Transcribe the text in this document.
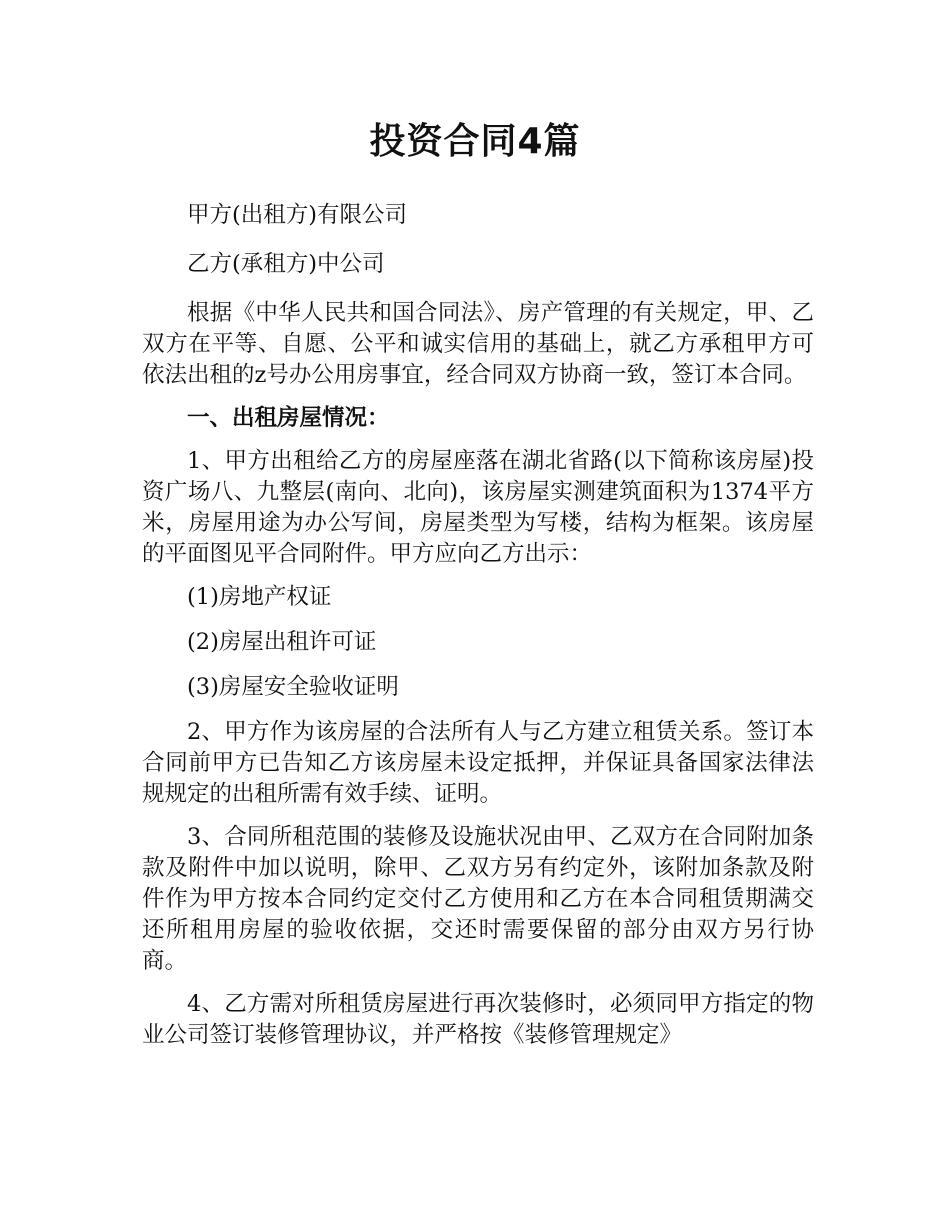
投资合同4篇

甲方(出租方)有限公司

乙方(承租方)中公司

根据《中华人民共和国合同法》、房产管理的有关规定，甲、乙双方在平等、自愿、公平和诚实信用的基础上，就乙方承租甲方可依法出租的z号办公用房事宜，经合同双方协商一致，签订本合同。

一、出租房屋情况：

1、甲方出租给乙方的房屋座落在湖北省路(以下简称该房屋)投资广场八、九整层(南向、北向)，该房屋实测建筑面积为1374平方米，房屋用途为办公写间，房屋类型为写楼，结构为框架。该房屋的平面图见平合同附件。甲方应向乙方出示：

(1)房地产权证

(2)房屋出租许可证

(3)房屋安全验收证明

2、甲方作为该房屋的合法所有人与乙方建立租赁关系。签订本合同前甲方已告知乙方该房屋未设定抵押，并保证具备国家法律法规规定的出租所需有效手续、证明。

3、合同所租范围的装修及设施状况由甲、乙双方在合同附加条款及附件中加以说明，除甲、乙双方另有约定外，该附加条款及附件作为甲方按本合同约定交付乙方使用和乙方在本合同租赁期满交还所租用房屋的验收依据，交还时需要保留的部分由双方另行协商。

4、乙方需对所租赁房屋进行再次装修时，必须同甲方指定的物业公司签订装修管理协议，并严格按《装修管理规定》
